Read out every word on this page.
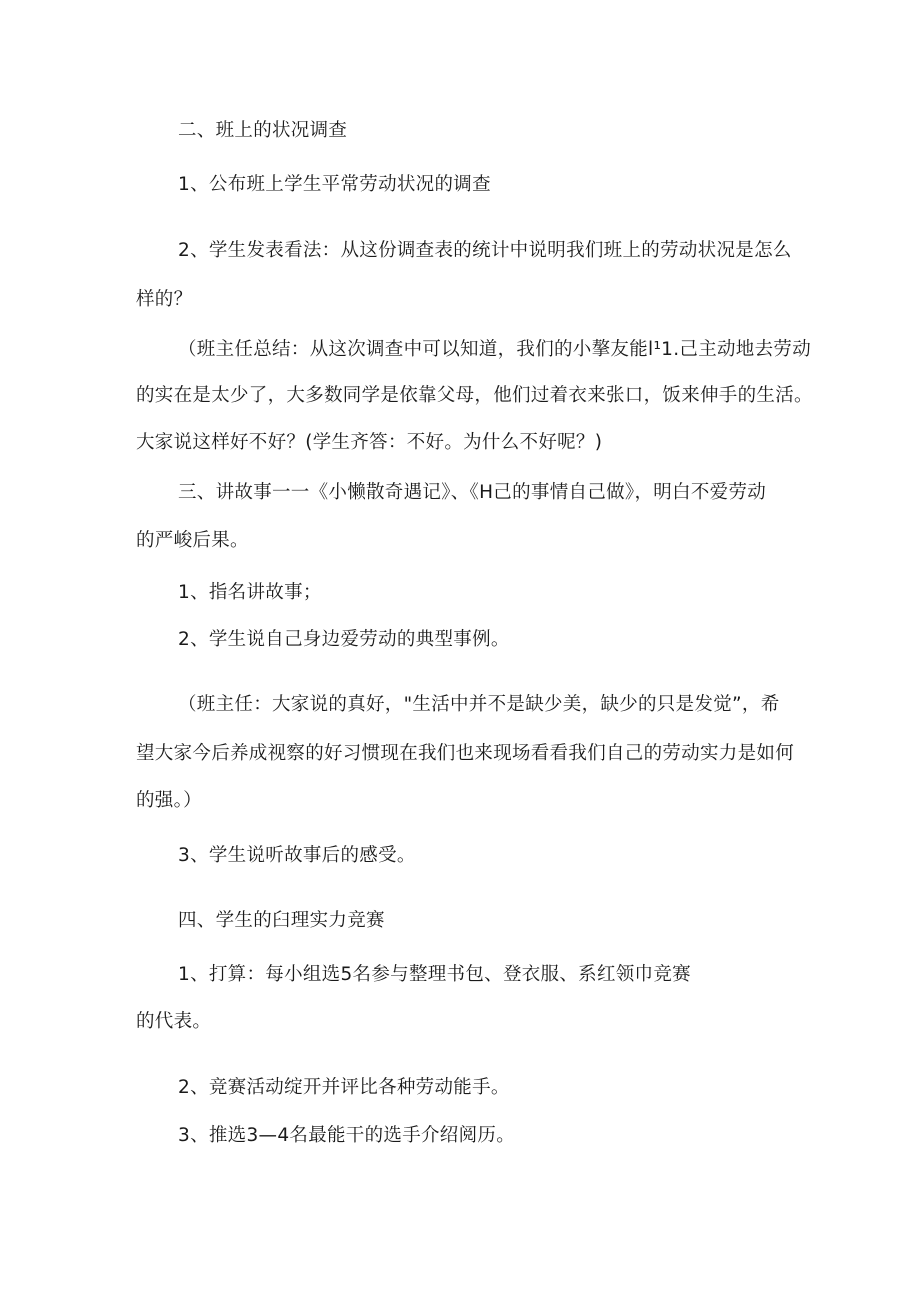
二、班上的状况调查
1、公布班上学生平常劳动状况的调查
2、学生发表看法：从这份调查表的统计中说明我们班上的劳动状况是怎么
样的？
（班主任总结：从这次调查中可以知道，我们的小摮友能l¹1.己主动地去劳动
的实在是太少了，大多数同学是依靠父母，他们过着衣来张口，饭来伸手的生活。
大家说这样好不好？(学生齐答：不好。为什么不好呢？)
三、讲故事一一《小懒散奇遇记》、《H己的事情自己做》，明白不爱劳动
的严峻后果。
1、指名讲故事；
2、学生说自己身边爱劳动的典型事例。
（班主任：大家说的真好，"生活中并不是缺少美，缺少的只是发觉”，希
望大家今后养成视察的好习惯现在我们也来现场看看我们自己的劳动实力是如何
的强。）
3、学生说听故事后的感受。
四、学生的臼理实力竞赛
1、打算：每小组选5名参与整理书包、登衣服、系红领巾竞赛
的代表。
2、竞赛活动绽开并评比各种劳动能手。
3、推选3—4名最能干的选手介绍阅历。
